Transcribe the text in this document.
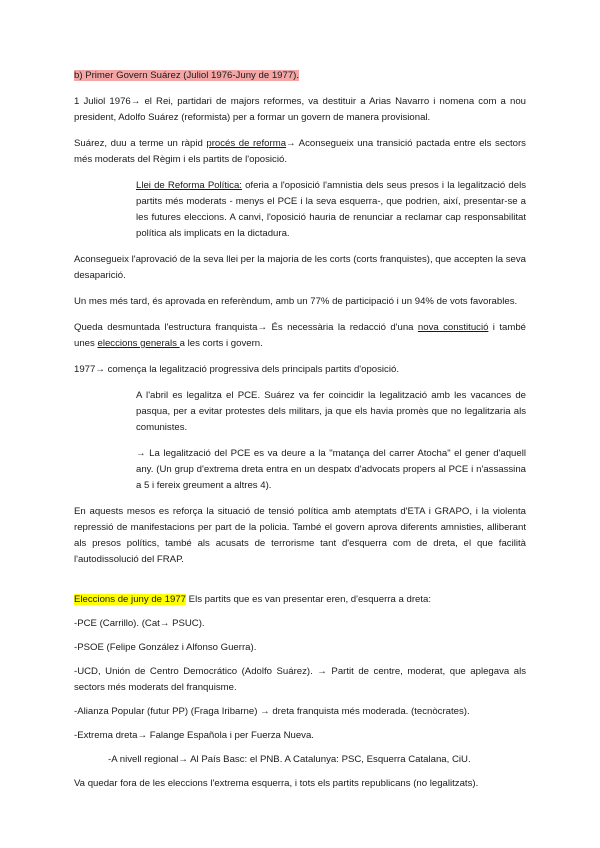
b) Primer Govern Suárez (Juliol 1976-Juny de 1977).

1 Juliol 1976→ el Rei, partidari de majors reformes, va destituir a Arias Navarro i nomena com a nou president, Adolfo Suárez (reformista) per a formar un govern de manera provisional.

Suárez, duu a terme un ràpid procés de reforma→ Aconsegueix una transició pactada entre els sectors més moderats del Règim i els partits de l'oposició.

Llei de Reforma Política: oferia a l'oposició l'amnistia dels seus presos i la legalització dels partits més moderats - menys el PCE i la seva esquerra-, que podrien, així, presentar-se a les futures eleccions. A canvi, l'oposició hauria de renunciar a reclamar cap responsabilitat política als implicats en la dictadura.

Aconsegueix l'aprovació de la seva llei per la majoria de les corts (corts franquistes), que accepten la seva desaparició.

Un mes més tard, és aprovada en referèndum, amb un 77% de participació i un 94% de vots favorables.

Queda desmuntada l'estructura franquista→ És necessària la redacció d'una nova constitució i també unes eleccions generals a les corts i govern.

1977→ comença la legalització progressiva dels principals partits d'oposició.

A l'abril es legalitza el PCE. Suárez va fer coincidir la legalització amb les vacances de pasqua, per a evitar protestes dels militars, ja que els havia promès que no legalitzaria als comunistes.

→ La legalització del PCE es va deure a la "matança del carrer Atocha" el gener d'aquell any. (Un grup d'extrema dreta entra en un despatx d'advocats propers al PCE i n'assassina a 5 i fereix greument a altres 4).

En aquests mesos es reforça la situació de tensió política amb atemptats d'ETA i GRAPO, i la violenta repressió de manifestacions per part de la policia. També el govern aprova diferents amnisties, alliberant als presos polítics, també als acusats de terrorisme tant d'esquerra com de dreta, el que facilità l'autodissolució del FRAP.

Eleccions de juny de 1977 Els partits que es van presentar eren, d'esquerra a dreta:

-PCE (Carrillo). (Cat→ PSUC).

-PSOE (Felipe González i Alfonso Guerra).

-UCD, Unión de Centro Democrático (Adolfo Suárez). → Partit de centre, moderat, que aplegava als sectors més moderats del franquisme.

-Alianza Popular (futur PP) (Fraga Iribarne) → dreta franquista més moderada. (tecnòcrates).

-Extrema dreta→ Falange Española i per Fuerza Nueva.

-A nivell regional→ Al País Basc: el PNB. A Catalunya: PSC, Esquerra Catalana, CiU.

Va quedar fora de les eleccions l'extrema esquerra, i tots els partits republicans (no legalitzats).
